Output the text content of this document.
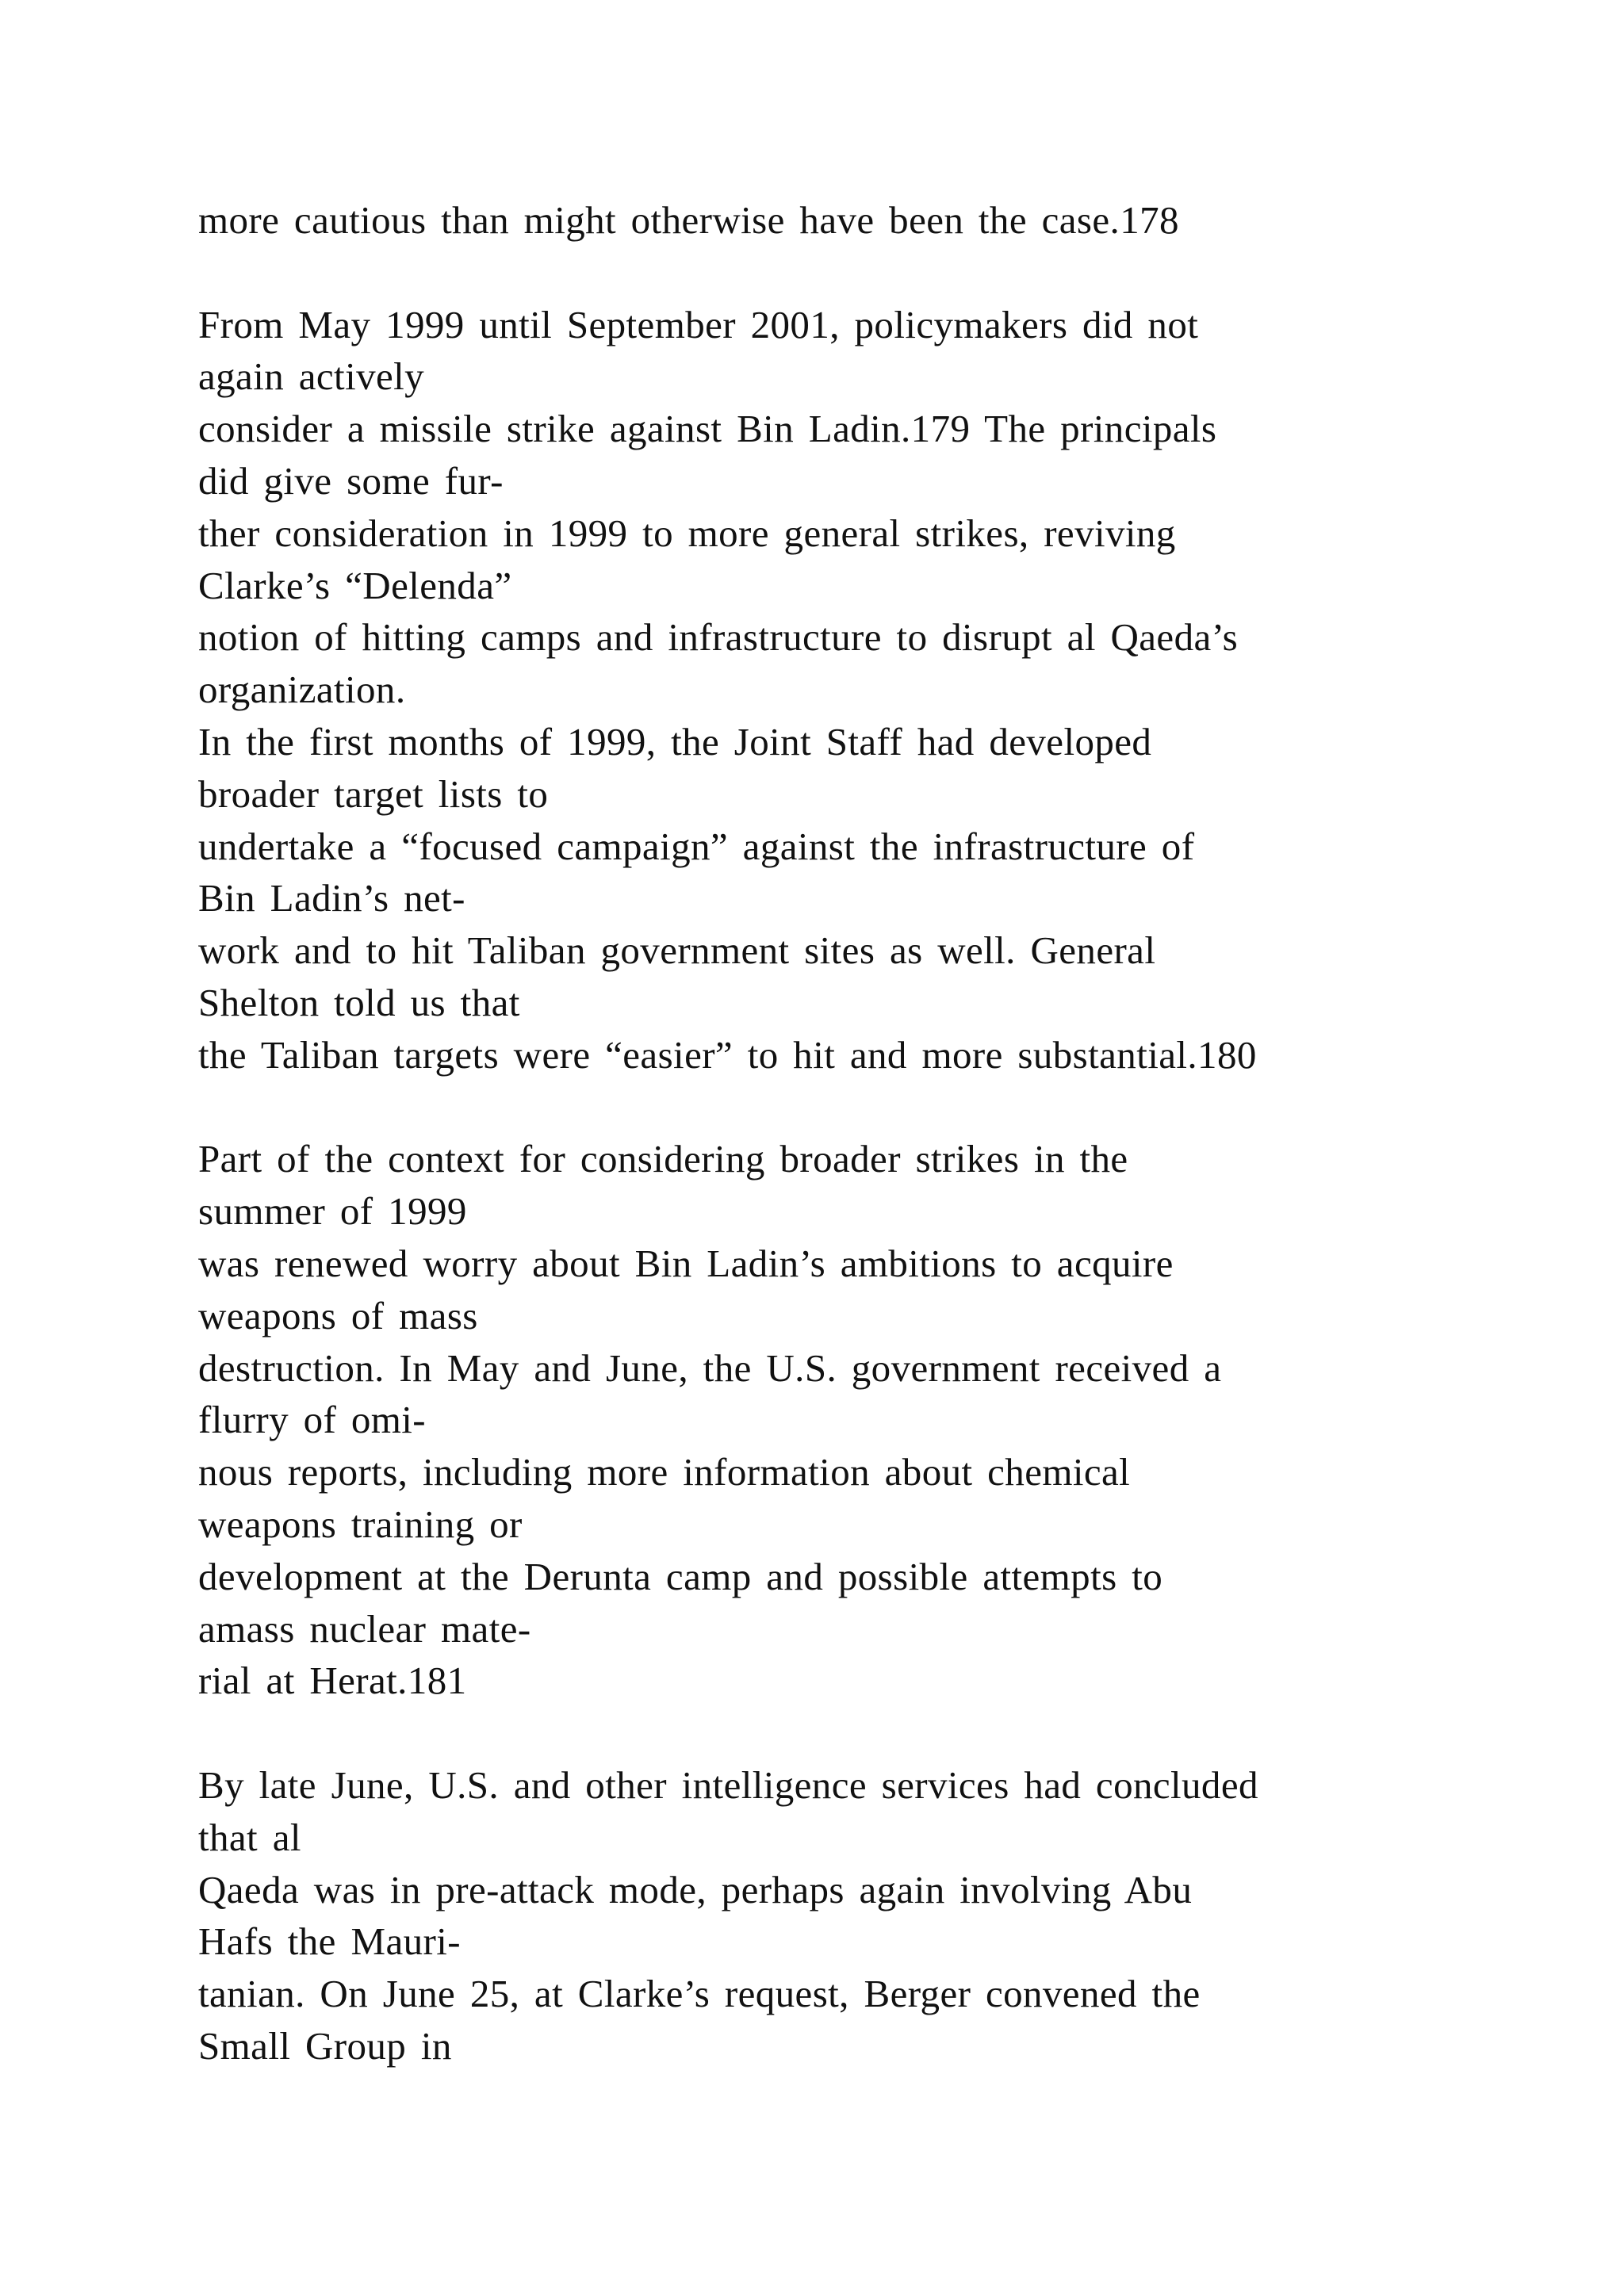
more cautious than might otherwise have been the case.178
From May 1999 until September 2001, policymakers did not
again actively
consider a missile strike against Bin Ladin.179 The principals
did give some fur-
ther consideration in 1999 to more general strikes, reviving
Clarke’s “Delenda”
notion of hitting camps and infrastructure to disrupt al Qaeda’s
organization.
In the first months of 1999, the Joint Staff had developed
broader target lists to
undertake a “focused campaign” against the infrastructure of
Bin Ladin’s net-
work and to hit Taliban government sites as well. General
Shelton told us that
the Taliban targets were “easier” to hit and more substantial.180
Part of the context for considering broader strikes in the
summer of 1999
was renewed worry about Bin Ladin’s ambitions to acquire
weapons of mass
destruction. In May and June, the U.S. government received a
flurry of omi-
nous reports, including more information about chemical
weapons training or
development at the Derunta camp and possible attempts to
amass nuclear mate-
rial at Herat.181
By late June, U.S. and other intelligence services had concluded
that al
Qaeda was in pre-attack mode, perhaps again involving Abu
Hafs the Mauri-
tanian. On June 25, at Clarke’s request, Berger convened the
Small Group in
